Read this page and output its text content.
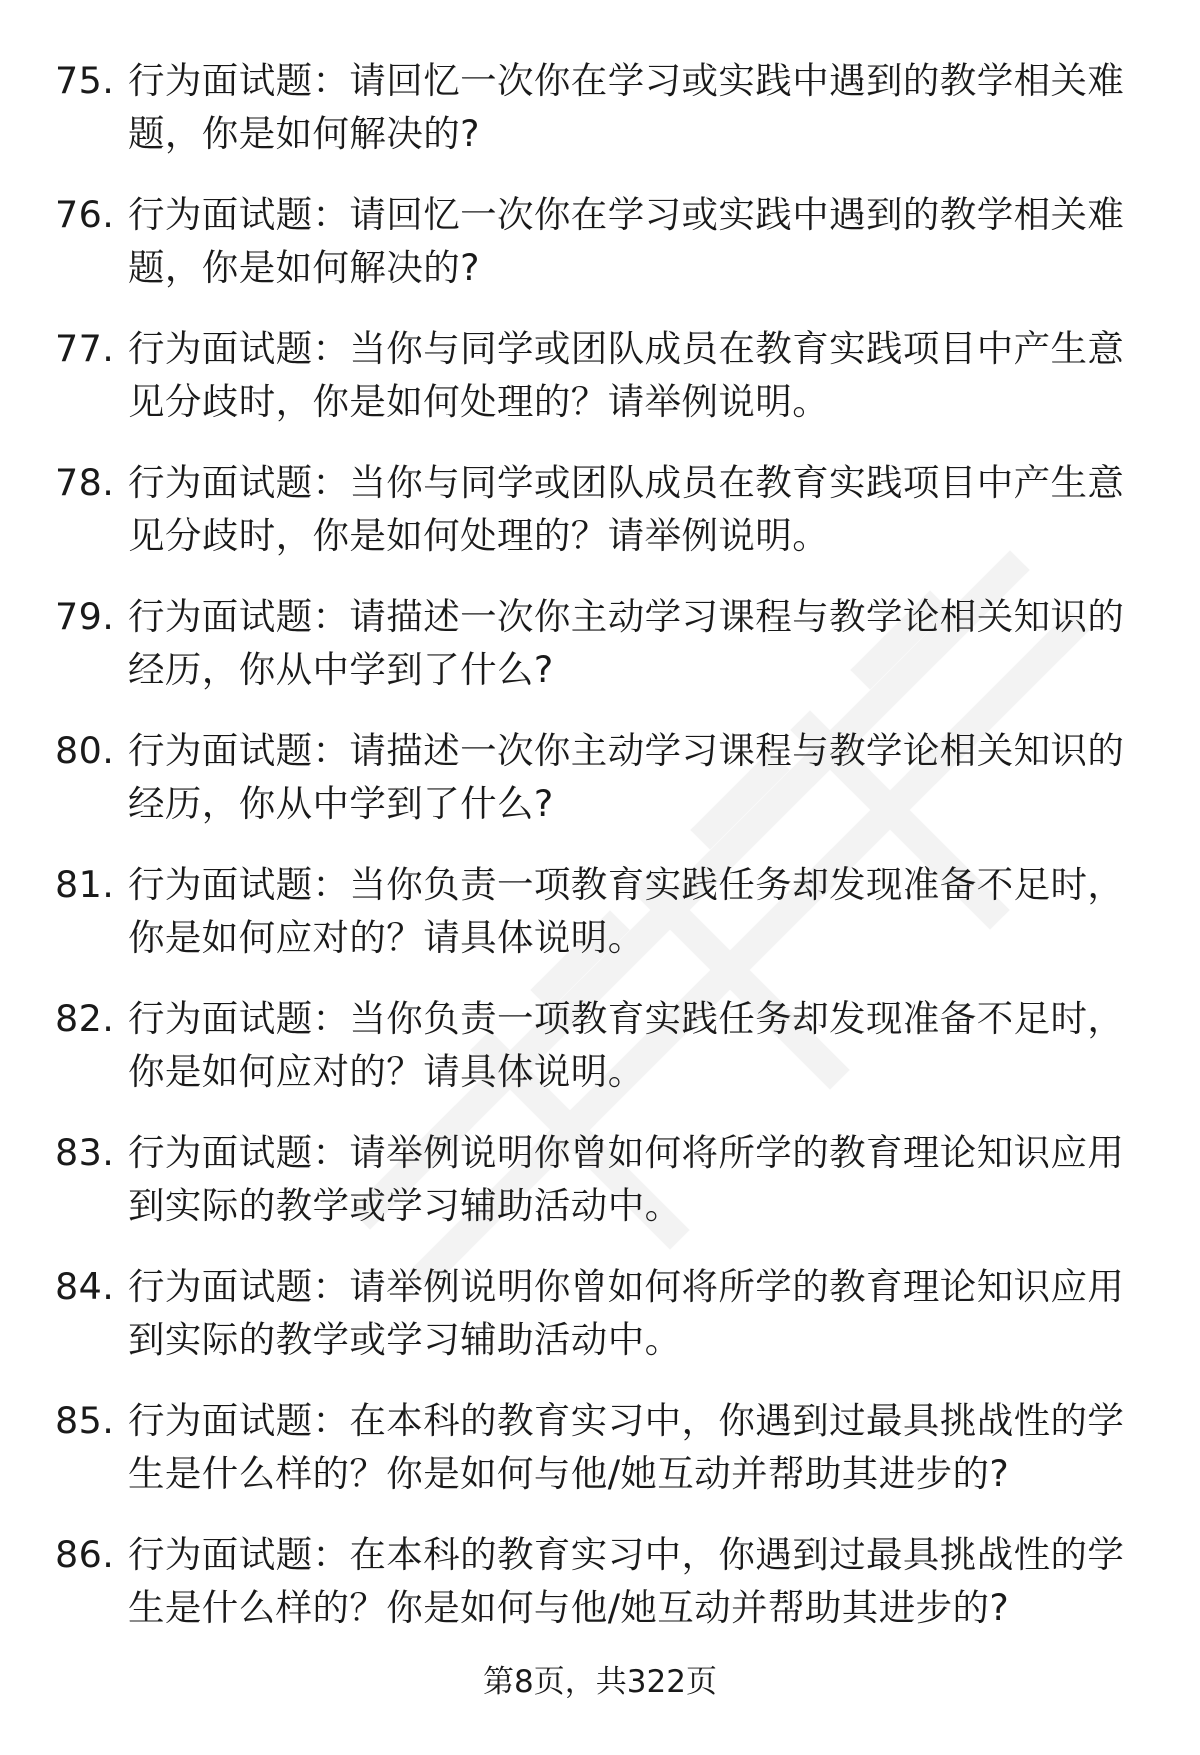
75. 行为面试题：请回忆一次你在学习或实践中遇到的教学相关难题，你是如何解决的?
76. 行为面试题：请回忆一次你在学习或实践中遇到的教学相关难题，你是如何解决的?
77. 行为面试题：当你与同学或团队成员在教育实践项目中产生意见分歧时，你是如何处理的？请举例说明。
78. 行为面试题：当你与同学或团队成员在教育实践项目中产生意见分歧时，你是如何处理的？请举例说明。
79. 行为面试题：请描述一次你主动学习课程与教学论相关知识的经历，你从中学到了什么?
80. 行为面试题：请描述一次你主动学习课程与教学论相关知识的经历，你从中学到了什么?
81. 行为面试题：当你负责一项教育实践任务却发现准备不足时，你是如何应对的？请具体说明。
82. 行为面试题：当你负责一项教育实践任务却发现准备不足时，你是如何应对的？请具体说明。
83. 行为面试题：请举例说明你曾如何将所学的教育理论知识应用到实际的教学或学习辅助活动中。
84. 行为面试题：请举例说明你曾如何将所学的教育理论知识应用到实际的教学或学习辅助活动中。
85. 行为面试题：在本科的教育实习中，你遇到过最具挑战性的学生是什么样的？你是如何与他/她互动并帮助其进步的?
86. 行为面试题：在本科的教育实习中，你遇到过最具挑战性的学生是什么样的？你是如何与他/她互动并帮助其进步的?
第8页，共322页
